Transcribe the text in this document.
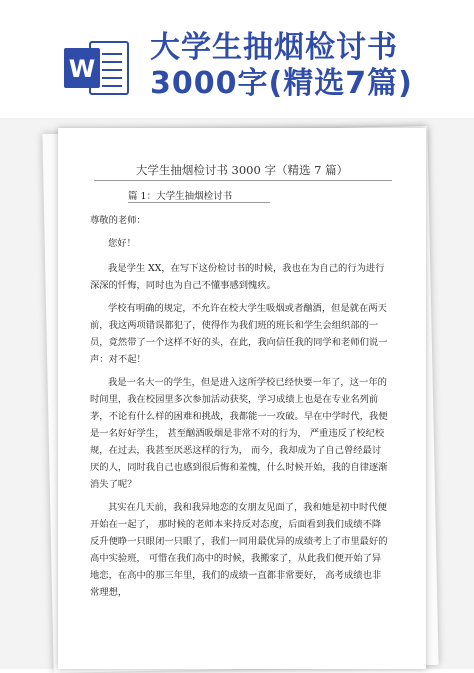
W
大学生抽烟检讨书
3000字(精选7篇)
大学生抽烟检讨书 3000 字（精选 7 篇）
篇 1：大学生抽烟检讨书

尊敬的老师：

您好！

我是学生 XX，在写下这份检讨书的时候，我也在为自己的行为进行深深的忏悔，同时也为自己不懂事感到愧疚。

学校有明确的规定，不允许在校大学生吸烟或者酗酒，但是就在两天前，我这两项错误都犯了，使得作为我们班的班长和学生会组织部的一员，竟然带了一个这样不好的头，在此，我向信任我的同学和老师们说一声：对不起！

我是一名大一的学生，但是进入这所学校已经快要一年了，这一年的时间里，我在校园里多次参加活动获奖，学习成绩上也是在专业名列前茅，不论有什么样的困难和挑战，我都能一一攻破。早在中学时代，我便是一名好好学生， 甚至酗酒吸烟是非常不对的行为， 严重违反了校纪校规，在过去，我甚至厌恶这样的行为， 而今，我却成为了自己曾经最讨厌的人，同时我自己也感到很后悔和羞愧，什么时候开始，我的自律逐渐消失了呢？

其实在几天前，我和我异地恋的女朋友见面了，我和她是初中时代便开始在一起了， 那时候的老师本来持反对态度，后面看到我们成绩不降反升便睁一只眼闭一只眼了，我们一同用最优异的成绩考上了市里最好的高中实验班， 可惜在我们高中的时候，我搬家了，从此我们便开始了异地恋，在高中的那三年里，我们的成绩一直都非常要好， 高考成绩也非常理想，
